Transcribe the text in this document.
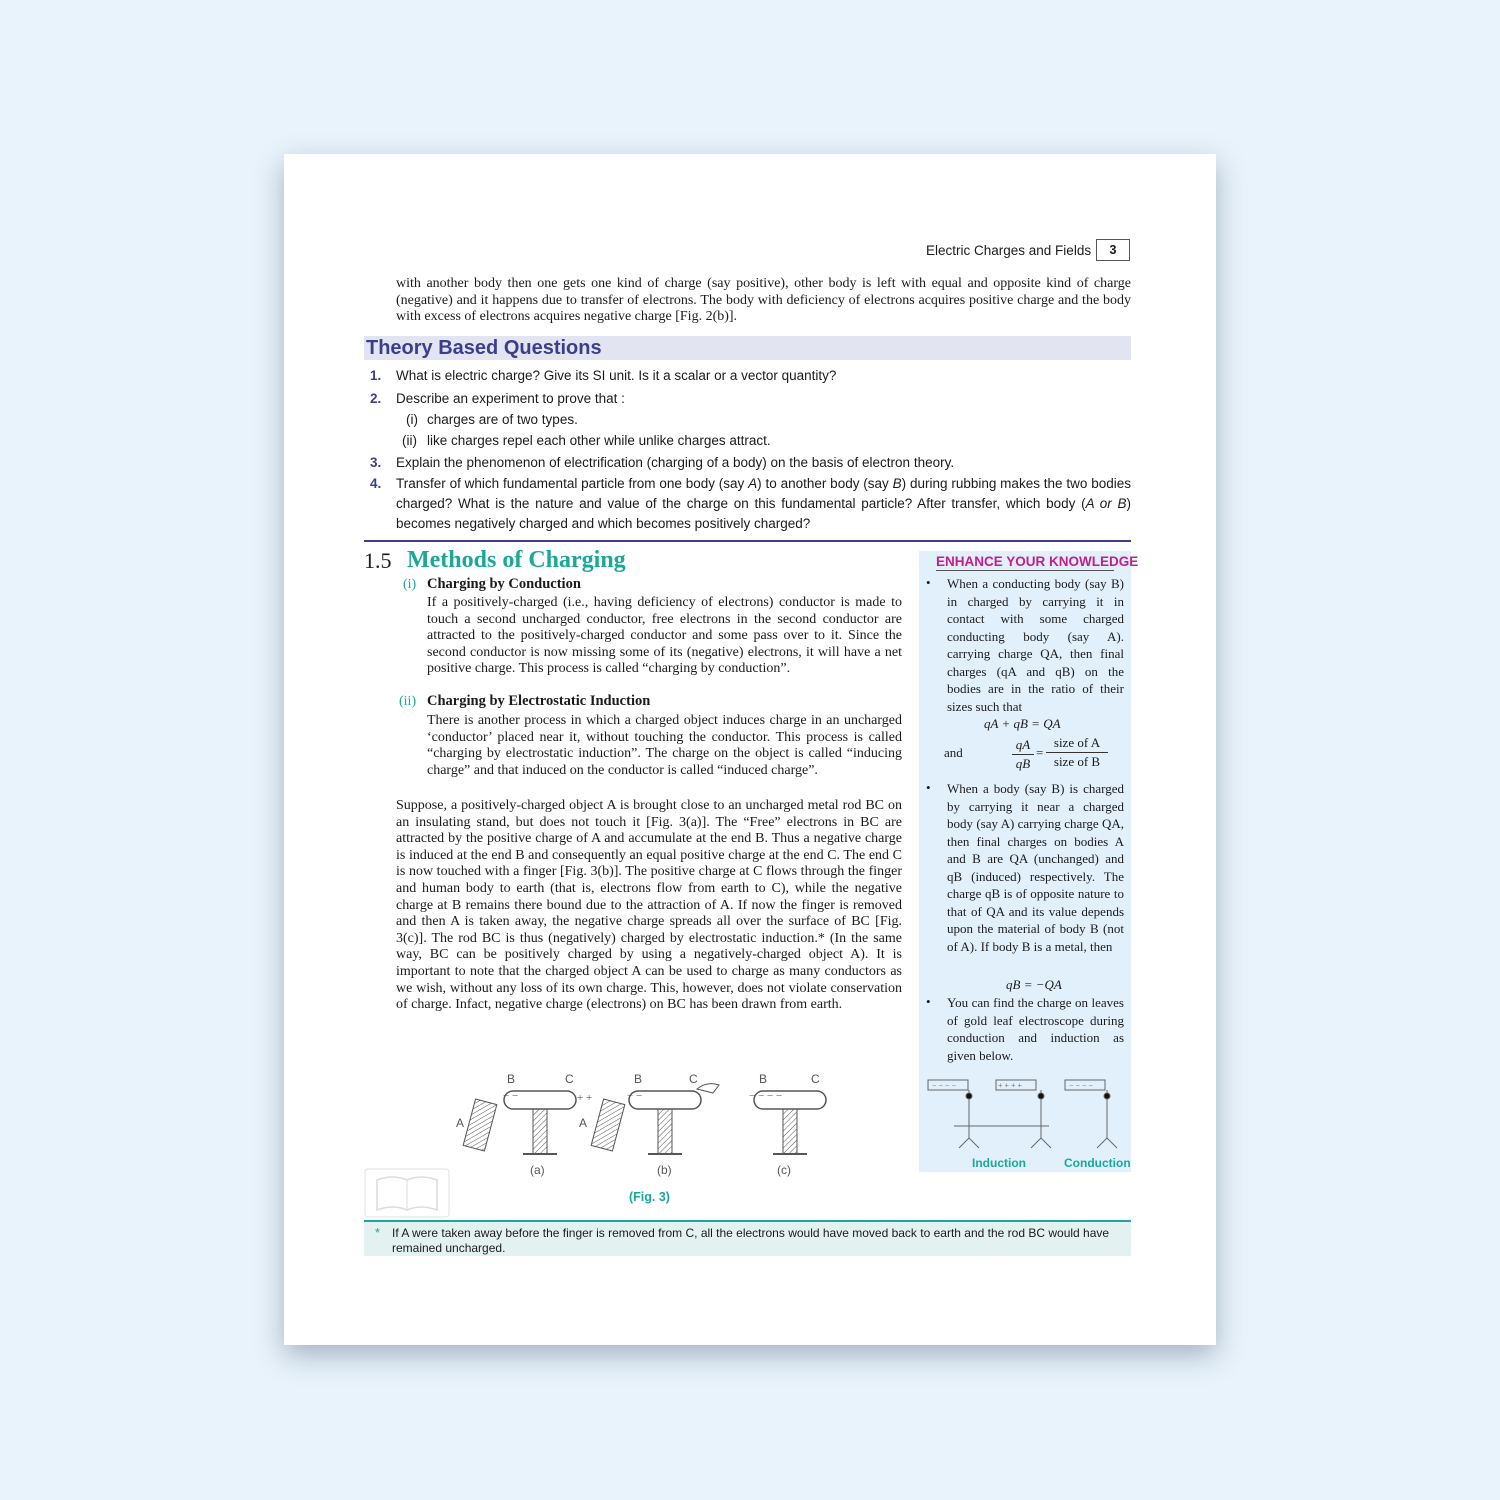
Electric Charges and Fields	3
with another body then one gets one kind of charge (say positive), other body is left with equal and opposite kind of charge (negative) and it happens due to transfer of electrons. The body with deficiency of electrons acquires positive charge and the body with excess of electrons acquires negative charge [Fig. 2(b)].
Theory Based Questions
1. What is electric charge? Give its SI unit. Is it a scalar or a vector quantity?
2. Describe an experiment to prove that :
(i) charges are of two types.
(ii) like charges repel each other while unlike charges attract.
3. Explain the phenomenon of electrification (charging of a body) on the basis of electron theory.
4. Transfer of which fundamental particle from one body (say A) to another body (say B) during rubbing makes the two bodies charged? What is the nature and value of the charge on this fundamental particle? After transfer, which body (A or B) becomes negatively charged and which becomes positively charged?
1.5 Methods of Charging
(i) Charging by Conduction
If a positively-charged (i.e., having deficiency of electrons) conductor is made to touch a second uncharged conductor, free electrons in the second conductor are attracted to the positively-charged conductor and some pass over to it. Since the second conductor is now missing some of its (negative) electrons, it will have a net positive charge. This process is called “charging by conduction”.
(ii) Charging by Electrostatic Induction
There is another process in which a charged object induces charge in an uncharged ‘conductor’ placed near it, without touching the conductor. This process is called “charging by electrostatic induction”. The charge on the object is called “inducing charge” and that induced on the conductor is called “induced charge”.
Suppose, a positively-charged object A is brought close to an uncharged metal rod BC on an insulating stand, but does not touch it [Fig. 3(a)]. The “Free” electrons in BC are attracted by the positive charge of A and accumulate at the end B. Thus a negative charge is induced at the end B and consequently an equal positive charge at the end C. The end C is now touched with a finger [Fig. 3(b)]. The positive charge at C flows through the finger and human body to earth (that is, electrons flow from earth to C), while the negative charge at B remains there bound due to the attraction of A. If now the finger is removed and then A is taken away, the negative charge spreads all over the surface of BC [Fig. 3(c)]. The rod BC is thus (negatively) charged by electrostatic induction.* (In the same way, BC can be positively charged by using a negatively-charged object A). It is important to note that the charged object A can be used to charge as many conductors as we wish, without any loss of its own charge. This, however, does not violate conservation of charge. Infact, negative charge (electrons) on BC has been drawn from earth.
A
B	C
− −	+ +
A
B	C
− −
B	C
− − − −
(a)	(b)	(c)
(Fig. 3)
ENHANCE YOUR KNOWLEDGE
• When a conducting body (say B) in charged by carrying it in contact with some charged conducting body (say A). carrying charge QA, then final charges (qA and qB) on the bodies are in the ratio of their sizes such that
qA + qB = QA
and
qA
qB
=
size of A
size of B
• When a body (say B) is charged by carrying it near a charged body (say A) carrying charge QA, then final charges on bodies A and B are QA (unchanged) and qB (induced) respectively. The charge qB is of opposite nature to that of QA and its value depends upon the material of body B (not of A). If body B is a metal, then
qB = −QA
• You can find the charge on leaves of gold leaf electroscope during conduction and induction as given below.
− − − −	+ + + +	− − − −
Induction	Conduction
* If A were taken away before the finger is removed from C, all the electrons would have moved back to earth and the rod BC would have remained uncharged.
